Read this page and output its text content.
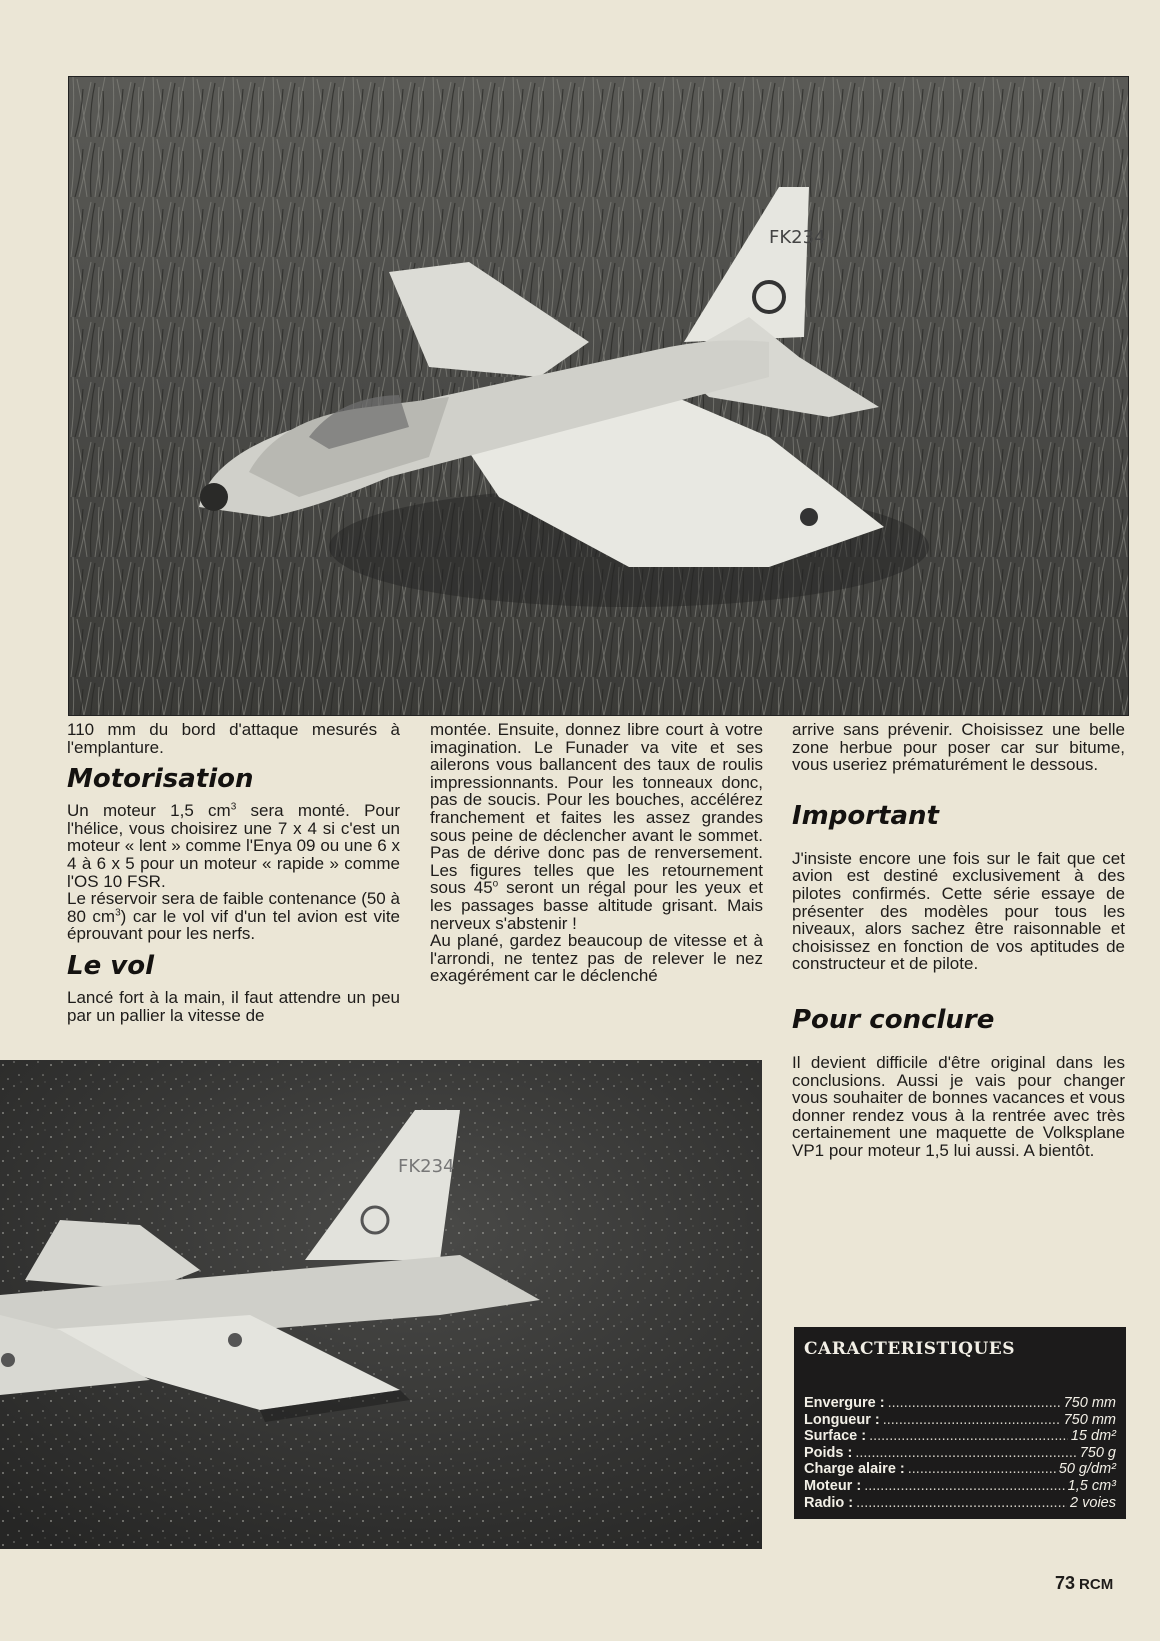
FK234

110 mm du bord d'attaque mesurés à l'emplanture.

Motorisation

Un moteur 1,5 $cm^3$ sera monté. Pour l'hélice, vous choisirez une 7 x 4 si c'est un moteur « lent » comme l'Enya 09 ou une 6 x 4 à 6 x 5 pour un moteur « rapide » comme l'OS 10 FSR.

Le réservoir sera de faible contenance (50 à 80 $cm^3$) car le vol vif d'un tel avion est vite éprouvant pour les nerfs.

Le vol

Lancé fort à la main, il faut attendre un peu par un pallier la vitesse de

montée. Ensuite, donnez libre court à votre imagination. Le Funader va vite et ses ailerons vous ballancent des taux de roulis impressionnants. Pour les tonneaux donc, pas de soucis. Pour les bouches, accélérez franchement et faites les assez grandes sous peine de déclencher avant le sommet. Pas de dérive donc pas de renversement. Les figures telles que les retournement sous 45$^o$ seront un régal pour les yeux et les passages basse altitude grisant. Mais nerveux s'abstenir !

Au plané, gardez beaucoup de vitesse et à l'arrondi, ne tentez pas de relever le nez exagérément car le déclenché

arrive sans prévenir. Choisissez une belle zone herbue pour poser car sur bitume, vous useriez prématurément le dessous.

Important

J'insiste encore une fois sur le fait que cet avion est destiné exclusivement à des pilotes confirmés. Cette série essaye de présenter des modèles pour tous les niveaux, alors sachez être raisonnable et choisissez en fonction de vos aptitudes de constructeur et de pilote.

Pour conclure

Il devient difficile d'être original dans les conclusions. Aussi je vais pour changer vous souhaiter de bonnes vacances et vous donner rendez vous à la rentrée avec très certainement une maquette de Volksplane VP1 pour moteur 1,5 lui aussi. A bientôt.

FK234
CARACTERISTIQUES
Envergure : .....	750 mm
Longueur : .....	750 mm
Surface : .....	15 dm²
Poids : .....	750 g
Charge alaire : .....	50 g/dm²
Moteur : .....	1,5 cm³
Radio : .....	2 voies
73 RCM
